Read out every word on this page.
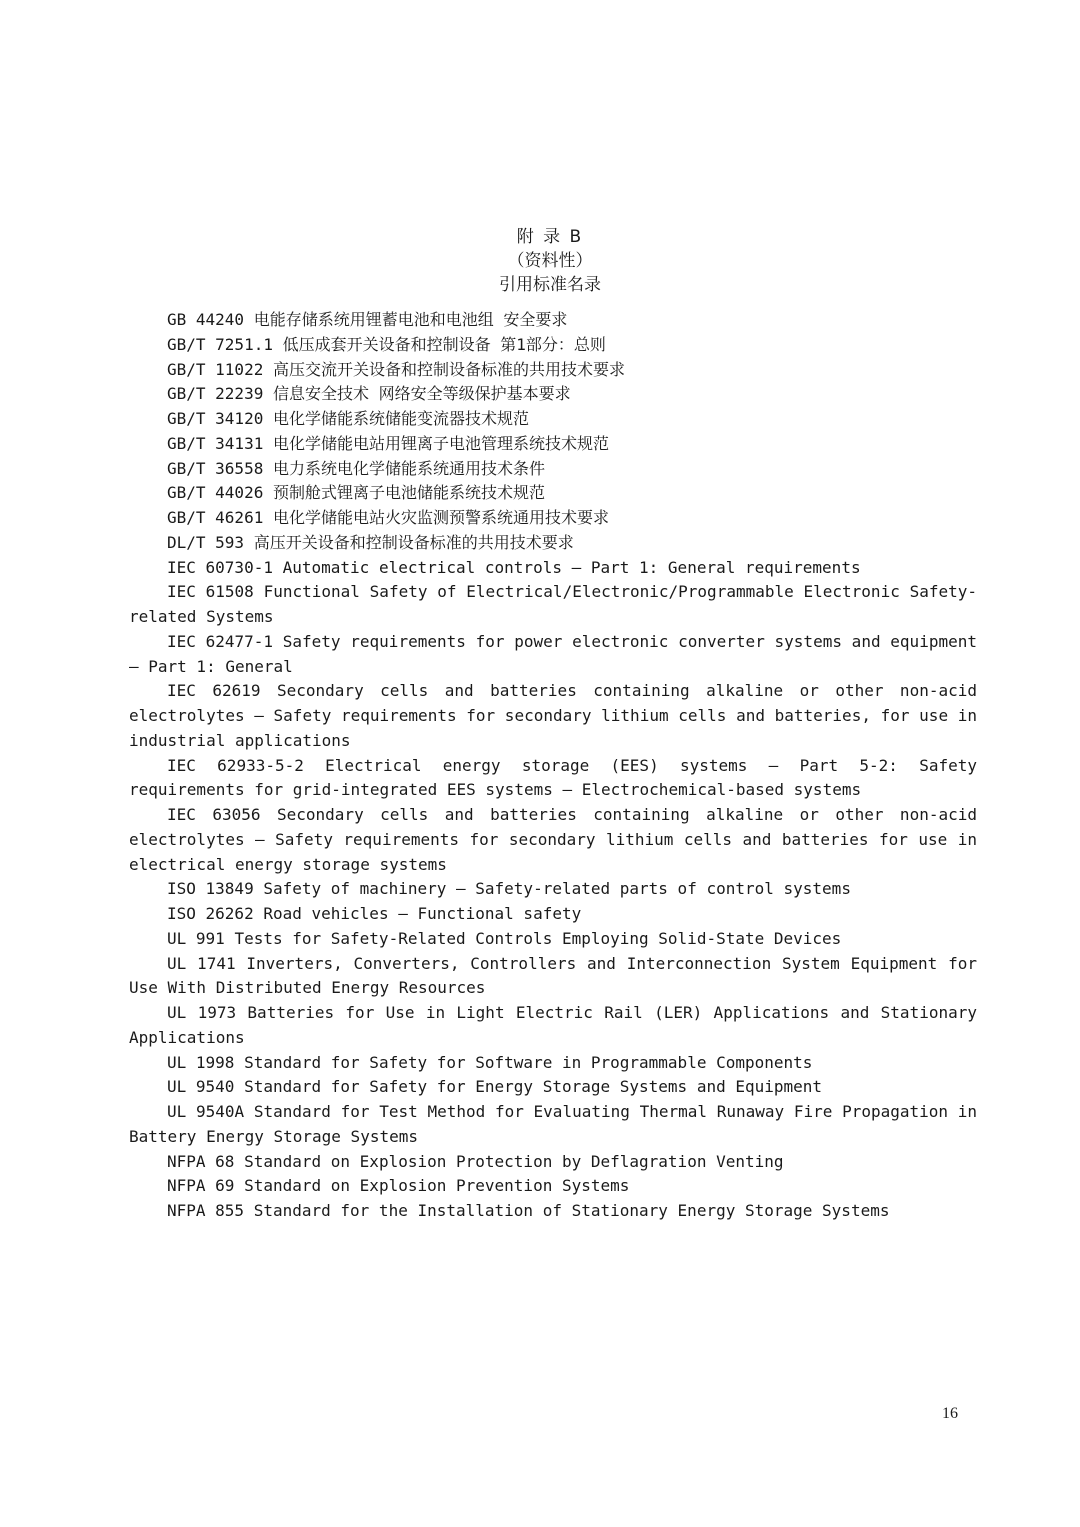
附 录 B
（资料性）
引用标准名录
GB 44240 电能存储系统用锂蓄电池和电池组 安全要求
GB/T 7251.1 低压成套开关设备和控制设备 第1部分：总则
GB/T 11022 高压交流开关设备和控制设备标准的共用技术要求
GB/T 22239 信息安全技术 网络安全等级保护基本要求
GB/T 34120 电化学储能系统储能变流器技术规范
GB/T 34131 电化学储能电站用锂离子电池管理系统技术规范
GB/T 36558 电力系统电化学储能系统通用技术条件
GB/T 44026 预制舱式锂离子电池储能系统技术规范
GB/T 46261 电化学储能电站火灾监测预警系统通用技术要求
DL/T 593 高压开关设备和控制设备标准的共用技术要求
IEC 60730-1 Automatic electrical controls – Part 1: General requirements
IEC 61508 Functional Safety of Electrical/Electronic/Programmable Electronic Safety-related Systems
IEC 62477-1 Safety requirements for power electronic converter systems and equipment – Part 1: General
IEC 62619 Secondary cells and batteries containing alkaline or other non-acid electrolytes – Safety requirements for secondary lithium cells and batteries, for use in industrial applications
IEC 62933-5-2 Electrical energy storage (EES) systems — Part 5-2: Safety requirements for grid-integrated EES systems — Electrochemical-based systems
IEC 63056 Secondary cells and batteries containing alkaline or other non-acid electrolytes – Safety requirements for secondary lithium cells and batteries for use in electrical energy storage systems
ISO 13849 Safety of machinery — Safety-related parts of control systems
ISO 26262 Road vehicles — Functional safety
UL 991 Tests for Safety-Related Controls Employing Solid-State Devices
UL 1741 Inverters, Converters, Controllers and Interconnection System Equipment for Use With Distributed Energy Resources
UL 1973 Batteries for Use in Light Electric Rail (LER) Applications and Stationary Applications
UL 1998 Standard for Safety for Software in Programmable Components
UL 9540 Standard for Safety for Energy Storage Systems and Equipment
UL 9540A Standard for Test Method for Evaluating Thermal Runaway Fire Propagation in Battery Energy Storage Systems
NFPA 68 Standard on Explosion Protection by Deflagration Venting
NFPA 69 Standard on Explosion Prevention Systems
NFPA 855 Standard for the Installation of Stationary Energy Storage Systems
16
